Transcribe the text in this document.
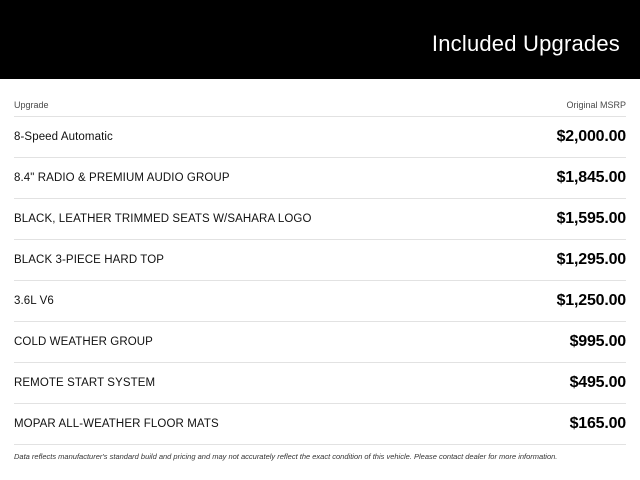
Included Upgrades
Upgrade	Original MSRP
8-Speed Automatic	$2,000.00
8.4" RADIO & PREMIUM AUDIO GROUP	$1,845.00
BLACK, LEATHER TRIMMED SEATS W/SAHARA LOGO	$1,595.00
BLACK 3-PIECE HARD TOP	$1,295.00
3.6L V6	$1,250.00
COLD WEATHER GROUP	$995.00
REMOTE START SYSTEM	$495.00
MOPAR ALL-WEATHER FLOOR MATS	$165.00
Data reflects manufacturer's standard build and pricing and may not accurately reflect the exact condition of this vehicle. Please contact dealer for more information.
